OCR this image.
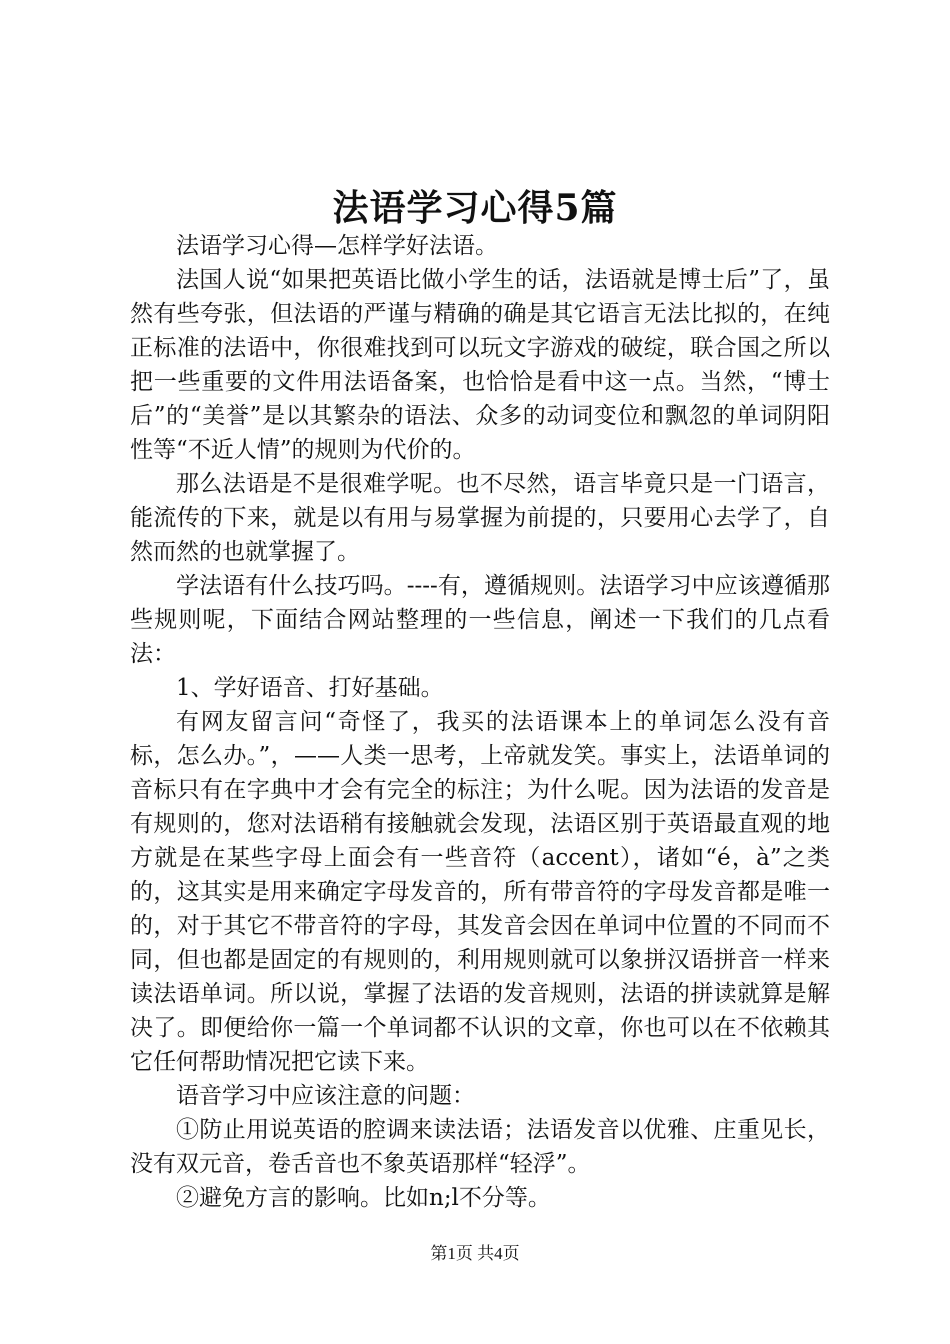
法语学习心得5篇

法语学习心得—怎样学好法语。

法国人说“如果把英语比做小学生的话，法语就是博士后”了，虽然有些夸张，但法语的严谨与精确的确是其它语言无法比拟的，在纯正标准的法语中，你很难找到可以玩文字游戏的破绽，联合国之所以把一些重要的文件用法语备案，也恰恰是看中这一点。当然，“博士后”的“美誉”是以其繁杂的语法、众多的动词变位和飘忽的单词阴阳性等“不近人情”的规则为代价的。

那么法语是不是很难学呢。也不尽然，语言毕竟只是一门语言，能流传的下来，就是以有用与易掌握为前提的，只要用心去学了，自然而然的也就掌握了。

学法语有什么技巧吗。----有，遵循规则。法语学习中应该遵循那些规则呢，下面结合网站整理的一些信息，阐述一下我们的几点看法：

1、学好语音、打好基础。

有网友留言问“奇怪了，我买的法语课本上的单词怎么没有音标，怎么办。”，——人类一思考，上帝就发笑。事实上，法语单词的音标只有在字典中才会有完全的标注；为什么呢。因为法语的发音是有规则的，您对法语稍有接触就会发现，法语区别于英语最直观的地方就是在某些字母上面会有一些音符（accent），诸如“é，à”之类的，这其实是用来确定字母发音的，所有带音符的字母发音都是唯一的，对于其它不带音符的字母，其发音会因在单词中位置的不同而不同，但也都是固定的有规则的，利用规则就可以象拼汉语拼音一样来读法语单词。所以说，掌握了法语的发音规则，法语的拼读就算是解决了。即便给你一篇一个单词都不认识的文章，你也可以在不依赖其它任何帮助情况把它读下来。

语音学习中应该注意的问题：

①防止用说英语的腔调来读法语；法语发音以优雅、庄重见长，没有双元音，卷舌音也不象英语那样“轻浮”。

②避免方言的影响。比如n;l不分等。

第1页 共4页
